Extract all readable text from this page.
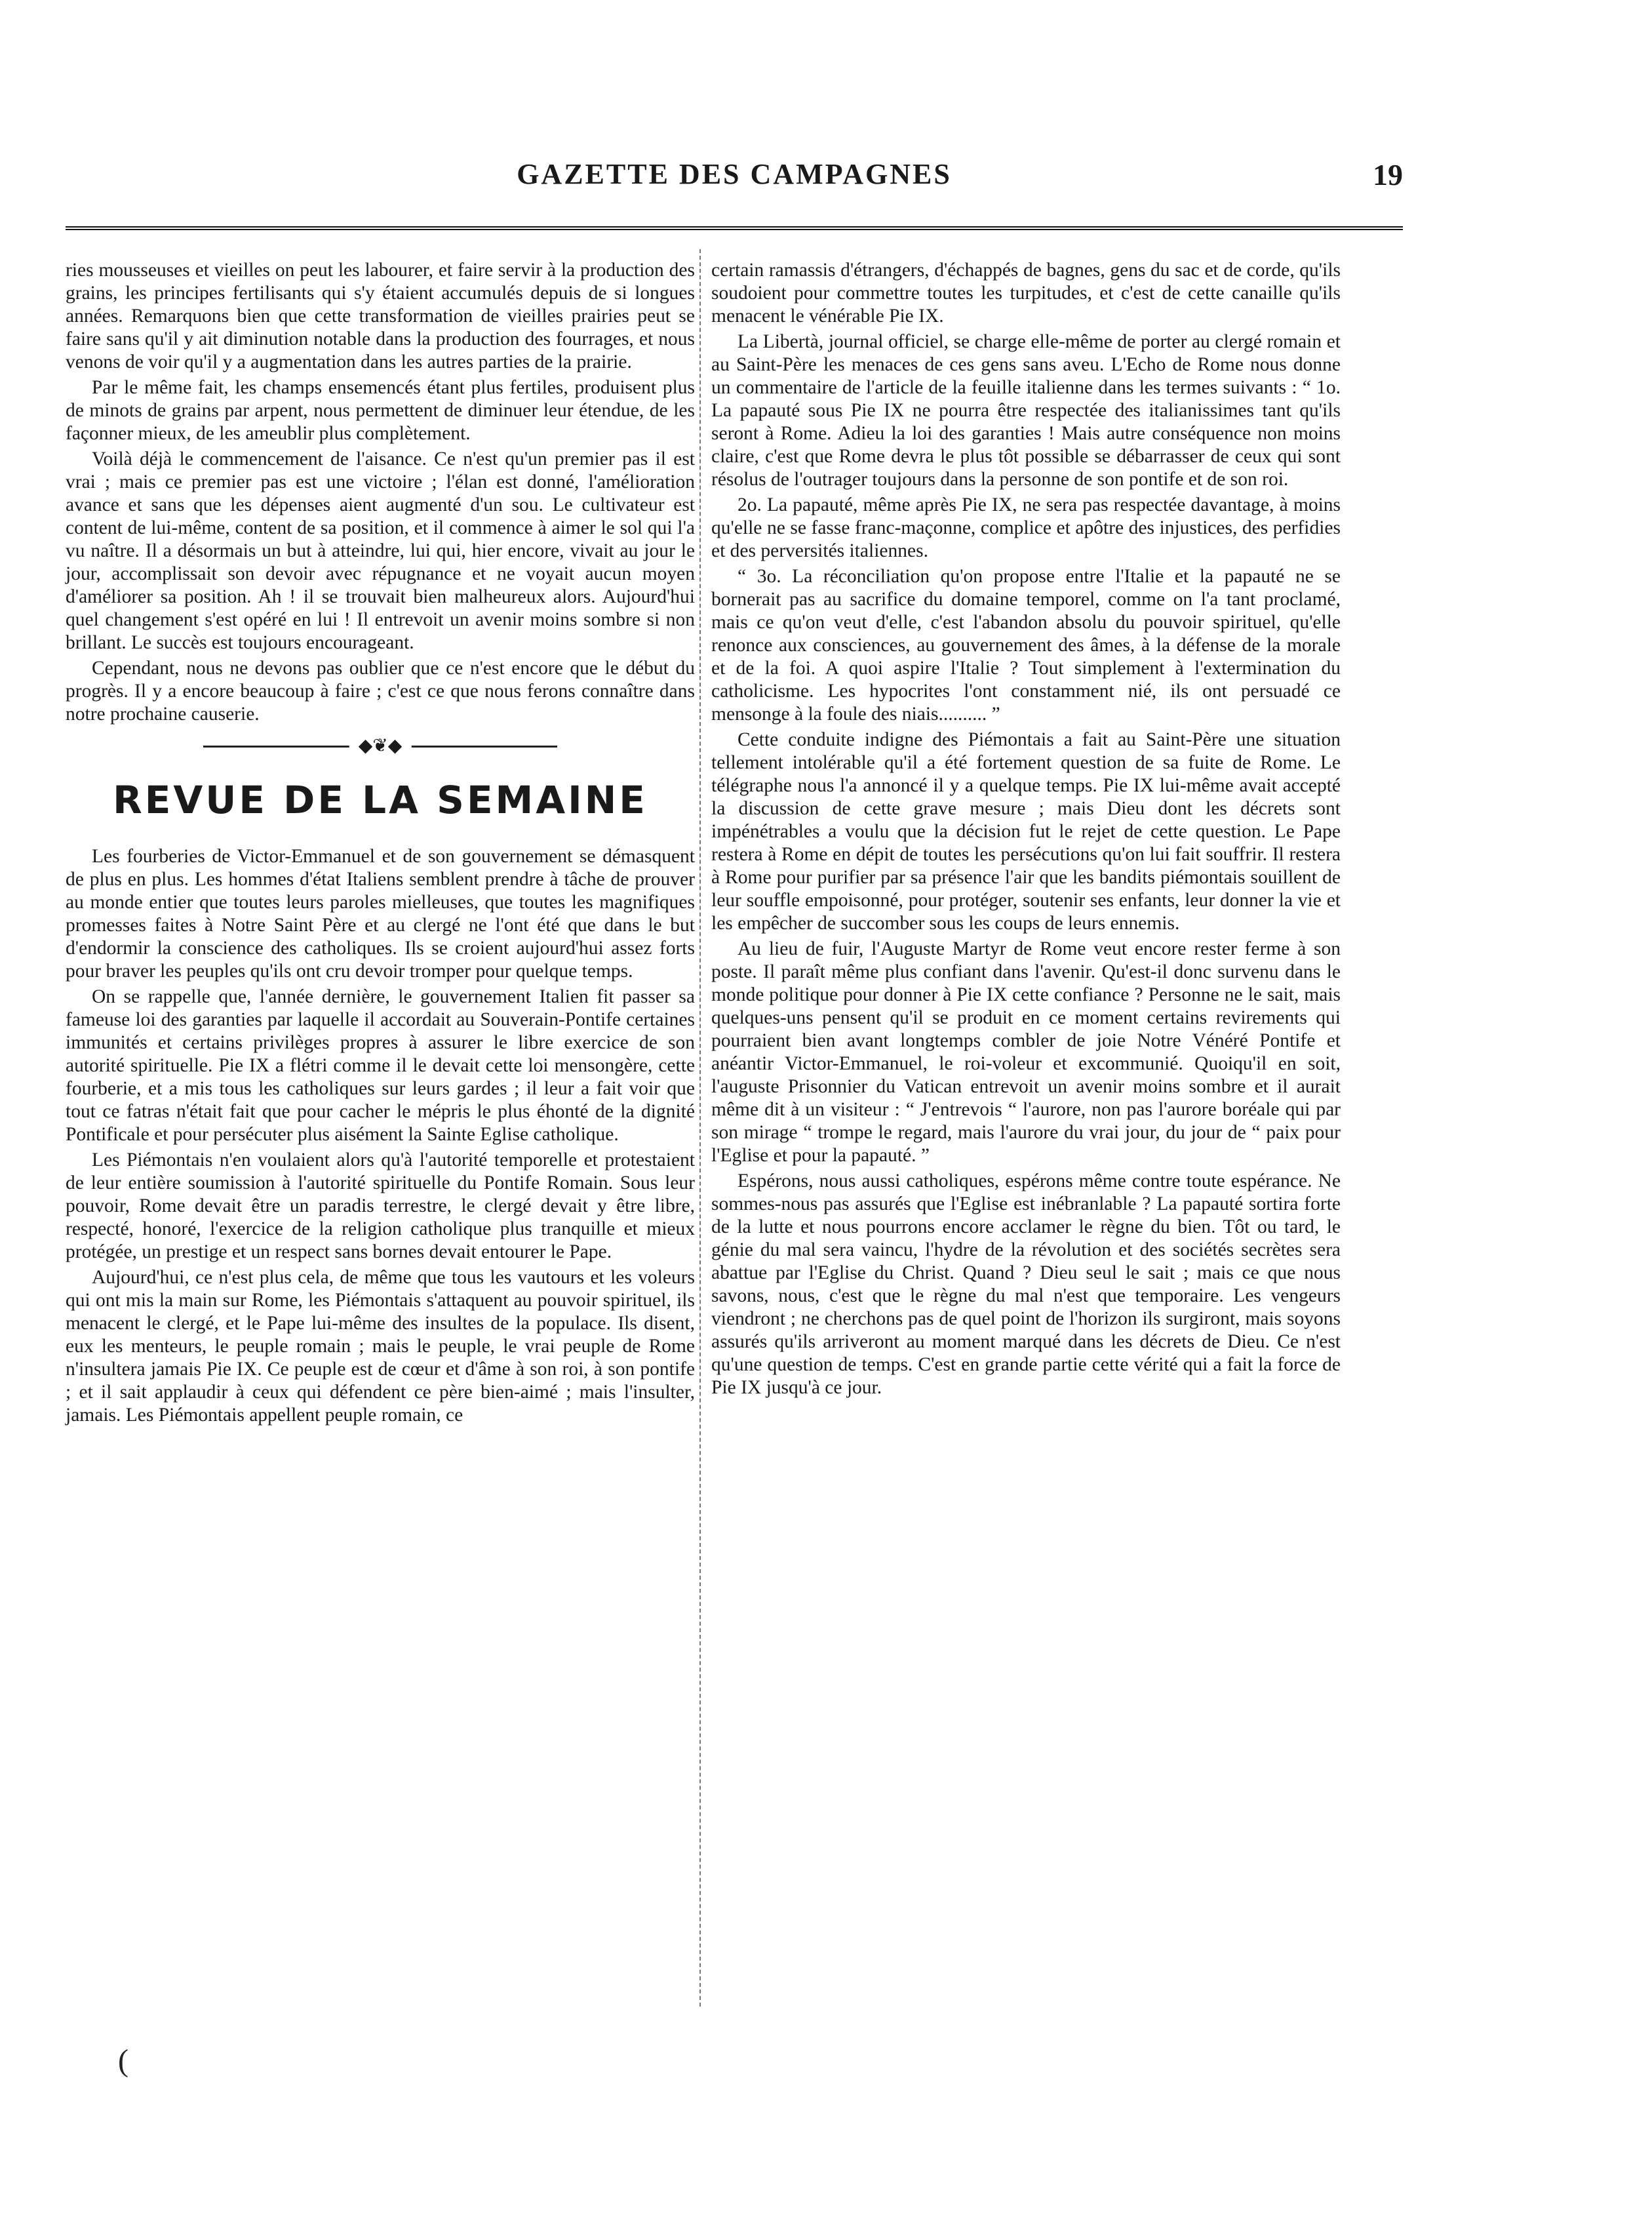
GAZETTE DES CAMPAGNES	19

ries mousseuses et vieilles on peut les labourer, et faire servir à la production des grains, les principes fertilisants qui s'y étaient accumulés depuis de si longues années. Remarquons bien que cette transformation de vieilles prairies peut se faire sans qu'il y ait diminution notable dans la production des fourrages, et nous venons de voir qu'il y a augmentation dans les autres parties de la prairie.

Par le même fait, les champs ensemencés étant plus fertiles, produisent plus de minots de grains par arpent, nous permettent de diminuer leur étendue, de les façonner mieux, de les ameublir plus complètement.

Voilà déjà le commencement de l'aisance. Ce n'est qu'un premier pas il est vrai ; mais ce premier pas est une victoire ; l'élan est donné, l'amélioration avance et sans que les dépenses aient augmenté d'un sou. Le cultivateur est content de lui-même, content de sa position, et il commence à aimer le sol qui l'a vu naître. Il a désormais un but à atteindre, lui qui, hier encore, vivait au jour le jour, accomplissait son devoir avec répugnance et ne voyait aucun moyen d'améliorer sa position. Ah ! il se trouvait bien malheureux alors. Aujourd'hui quel changement s'est opéré en lui ! Il entrevoit un avenir moins sombre si non brillant. Le succès est toujours encourageant.

Cependant, nous ne devons pas oublier que ce n'est encore que le début du progrès. Il y a encore beaucoup à faire ; c'est ce que nous ferons connaître dans notre prochaine causerie.

◆❦◆
REVUE DE LA SEMAINE

Les fourberies de Victor-Emmanuel et de son gouvernement se démasquent de plus en plus. Les hommes d'état Italiens semblent prendre à tâche de prouver au monde entier que toutes leurs paroles mielleuses, que toutes les magnifiques promesses faites à Notre Saint Père et au clergé ne l'ont été que dans le but d'endormir la conscience des catholiques. Ils se croient aujourd'hui assez forts pour braver les peuples qu'ils ont cru devoir tromper pour quelque temps.

On se rappelle que, l'année dernière, le gouvernement Italien fit passer sa fameuse loi des garanties par laquelle il accordait au Souverain-Pontife certaines immunités et certains privilèges propres à assurer le libre exercice de son autorité spirituelle. Pie IX a flétri comme il le devait cette loi mensongère, cette fourberie, et a mis tous les catholiques sur leurs gardes ; il leur a fait voir que tout ce fatras n'était fait que pour cacher le mépris le plus éhonté de la dignité Pontificale et pour persécuter plus aisément la Sainte Eglise catholique.

Les Piémontais n'en voulaient alors qu'à l'autorité temporelle et protestaient de leur entière soumission à l'autorité spirituelle du Pontife Romain. Sous leur pouvoir, Rome devait être un paradis terrestre, le clergé devait y être libre, respecté, honoré, l'exercice de la religion catholique plus tranquille et mieux protégée, un prestige et un respect sans bornes devait entourer le Pape.

Aujourd'hui, ce n'est plus cela, de même que tous les vautours et les voleurs qui ont mis la main sur Rome, les Piémontais s'attaquent au pouvoir spirituel, ils menacent le clergé, et le Pape lui-même des insultes de la populace. Ils disent, eux les menteurs, le peuple romain ; mais le peuple, le vrai peuple de Rome n'insultera jamais Pie IX. Ce peuple est de cœur et d'âme à son roi, à son pontife ; et il sait applaudir à ceux qui défendent ce père bien-aimé ; mais l'insulter, jamais. Les Piémontais appellent peuple romain, ce

certain ramassis d'étrangers, d'échappés de bagnes, gens du sac et de corde, qu'ils soudoient pour commettre toutes les turpitudes, et c'est de cette canaille qu'ils menacent le vénérable Pie IX.

La Libertà, journal officiel, se charge elle-même de porter au clergé romain et au Saint-Père les menaces de ces gens sans aveu. L'Echo de Rome nous donne un commentaire de l'article de la feuille italienne dans les termes suivants : “ 1o. La papauté sous Pie IX ne pourra être respectée des italianissimes tant qu'ils seront à Rome. Adieu la loi des garanties ! Mais autre conséquence non moins claire, c'est que Rome devra le plus tôt possible se débarrasser de ceux qui sont résolus de l'outrager toujours dans la personne de son pontife et de son roi.

2o. La papauté, même après Pie IX, ne sera pas respectée davantage, à moins qu'elle ne se fasse franc-maçonne, complice et apôtre des injustices, des perfidies et des perversités italiennes.

“ 3o. La réconciliation qu'on propose entre l'Italie et la papauté ne se bornerait pas au sacrifice du domaine temporel, comme on l'a tant proclamé, mais ce qu'on veut d'elle, c'est l'abandon absolu du pouvoir spirituel, qu'elle renonce aux consciences, au gouvernement des âmes, à la défense de la morale et de la foi. A quoi aspire l'Italie ? Tout simplement à l'extermination du catholicisme. Les hypocrites l'ont constamment nié, ils ont persuadé ce mensonge à la foule des niais.......... ”

Cette conduite indigne des Piémontais a fait au Saint-Père une situation tellement intolérable qu'il a été fortement question de sa fuite de Rome. Le télégraphe nous l'a annoncé il y a quelque temps. Pie IX lui-même avait accepté la discussion de cette grave mesure ; mais Dieu dont les décrets sont impénétrables a voulu que la décision fut le rejet de cette question. Le Pape restera à Rome en dépit de toutes les persécutions qu'on lui fait souffrir. Il restera à Rome pour purifier par sa présence l'air que les bandits piémontais souillent de leur souffle empoisonné, pour protéger, soutenir ses enfants, leur donner la vie et les empêcher de succomber sous les coups de leurs ennemis.

Au lieu de fuir, l'Auguste Martyr de Rome veut encore rester ferme à son poste. Il paraît même plus confiant dans l'avenir. Qu'est-il donc survenu dans le monde politique pour donner à Pie IX cette confiance ? Personne ne le sait, mais quelques-uns pensent qu'il se produit en ce moment certains revirements qui pourraient bien avant longtemps combler de joie Notre Vénéré Pontife et anéantir Victor-Emmanuel, le roi-voleur et excommunié. Quoiqu'il en soit, l'auguste Prisonnier du Vatican entrevoit un avenir moins sombre et il aurait même dit à un visiteur : “ J'entrevois “ l'aurore, non pas l'aurore boréale qui par son mirage “ trompe le regard, mais l'aurore du vrai jour, du jour de “ paix pour l'Eglise et pour la papauté. ”

Espérons, nous aussi catholiques, espérons même contre toute espérance. Ne sommes-nous pas assurés que l'Eglise est inébranlable ? La papauté sortira forte de la lutte et nous pourrons encore acclamer le règne du bien. Tôt ou tard, le génie du mal sera vaincu, l'hydre de la révolution et des sociétés secrètes sera abattue par l'Eglise du Christ. Quand ? Dieu seul le sait ; mais ce que nous savons, nous, c'est que le règne du mal n'est que temporaire. Les vengeurs viendront ; ne cherchons pas de quel point de l'horizon ils surgiront, mais soyons assurés qu'ils arriveront au moment marqué dans les décrets de Dieu. Ce n'est qu'une question de temps. C'est en grande partie cette vérité qui a fait la force de Pie IX jusqu'à ce jour.

(
